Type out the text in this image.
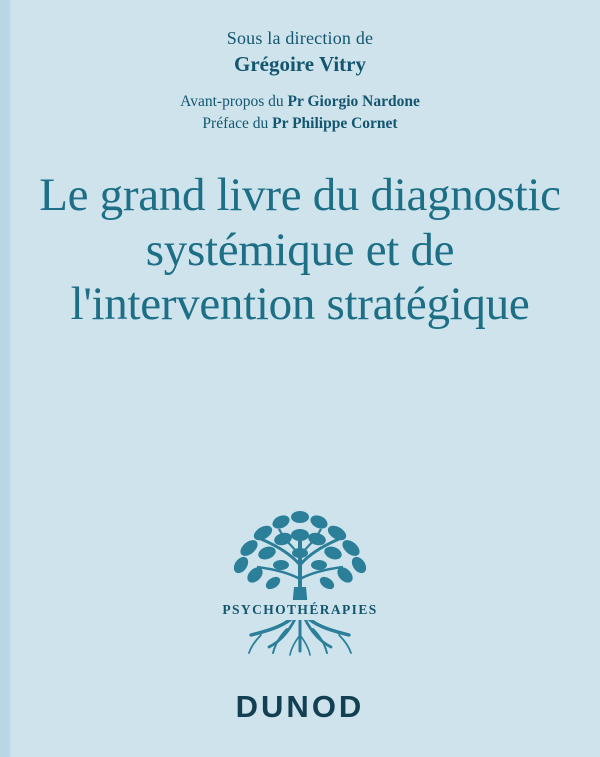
Sous la direction de
Grégoire Vitry
Avant-propos du Pr Giorgio Nardone
Préface du Pr Philippe Cornet
Le grand livre du diagnostic systémique et de l'intervention stratégique
PSYCHOTHÉRAPIES
DUNOD
